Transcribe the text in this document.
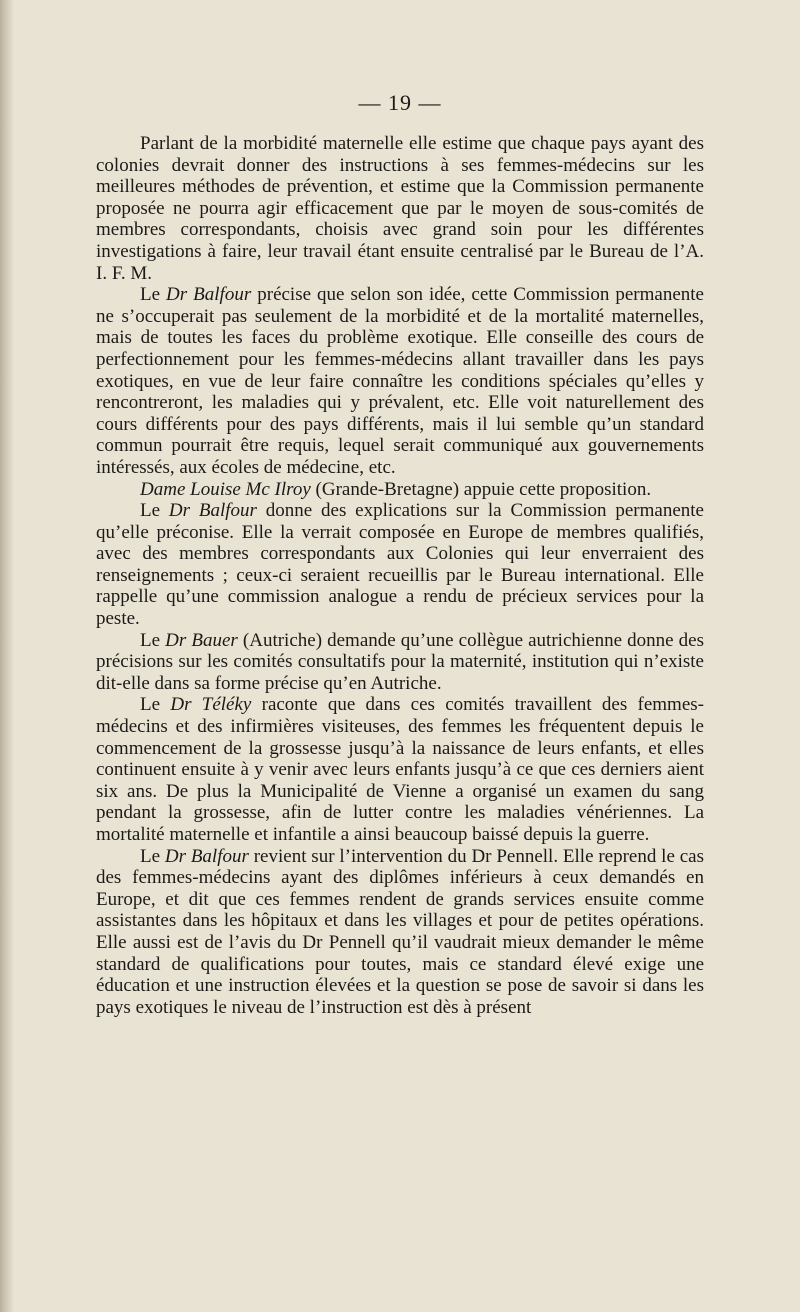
— 19 —

Parlant de la morbidité maternelle elle estime que chaque pays ayant des colonies devrait donner des instructions à ses femmes-médecins sur les meilleures méthodes de prévention, et estime que la Commission permanente proposée ne pourra agir efficacement que par le moyen de sous-comités de membres correspondants, choisis avec grand soin pour les différentes investigations à faire, leur travail étant ensuite centralisé par le Bureau de l’A. I. F. M.

Le Dr Balfour précise que selon son idée, cette Commission permanente ne s’occuperait pas seulement de la morbidité et de la mortalité maternelles, mais de toutes les faces du problème exotique. Elle conseille des cours de perfectionnement pour les femmes-médecins allant travailler dans les pays exotiques, en vue de leur faire connaître les conditions spéciales qu’elles y rencontreront, les maladies qui y prévalent, etc. Elle voit naturellement des cours différents pour des pays différents, mais il lui semble qu’un standard commun pourrait être requis, lequel serait communiqué aux gouvernements intéressés, aux écoles de médecine, etc.

Dame Louise Mc Ilroy (Grande-Bretagne) appuie cette proposition.

Le Dr Balfour donne des explications sur la Commission permanente qu’elle préconise. Elle la verrait composée en Europe de membres qualifiés, avec des membres correspondants aux Colonies qui leur enverraient des renseignements ; ceux-ci seraient recueillis par le Bureau international. Elle rappelle qu’une commission analogue a rendu de précieux services pour la peste.

Le Dr Bauer (Autriche) demande qu’une collègue autrichienne donne des précisions sur les comités consultatifs pour la maternité, institution qui n’existe dit-elle dans sa forme précise qu’en Autriche.

Le Dr Téléky raconte que dans ces comités travaillent des femmes-médecins et des infirmières visiteuses, des femmes les fréquentent depuis le commencement de la grossesse jusqu’à la naissance de leurs enfants, et elles continuent ensuite à y venir avec leurs enfants jusqu’à ce que ces derniers aient six ans. De plus la Municipalité de Vienne a organisé un examen du sang pendant la grossesse, afin de lutter contre les maladies vénériennes. La mortalité maternelle et infantile a ainsi beaucoup baissé depuis la guerre.

Le Dr Balfour revient sur l’intervention du Dr Pennell. Elle reprend le cas des femmes-médecins ayant des diplômes inférieurs à ceux demandés en Europe, et dit que ces femmes rendent de grands services ensuite comme assistantes dans les hôpitaux et dans les villages et pour de petites opérations. Elle aussi est de l’avis du Dr Pennell qu’il vaudrait mieux demander le même standard de qualifications pour toutes, mais ce standard élevé exige une éducation et une instruction élevées et la question se pose de savoir si dans les pays exotiques le niveau de l’instruction est dès à présent
